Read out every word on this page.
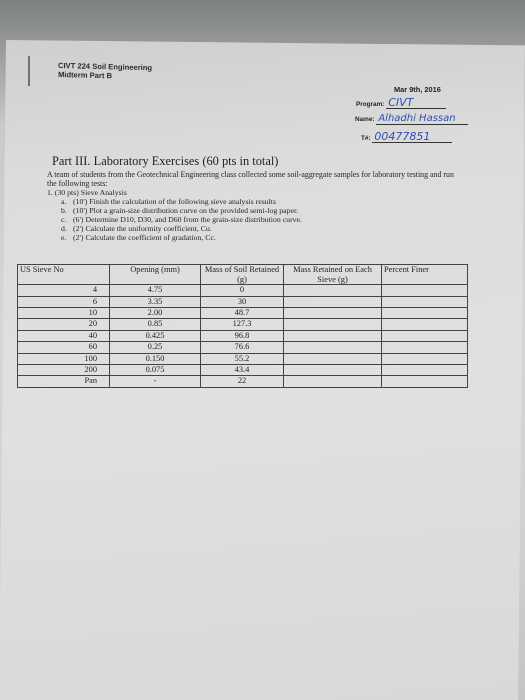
CIVT 224 Soil Engineering
Midterm Part B
Mar 9th, 2016
Program: CIVT
Name: Alhadhi Hassan
T#: 00477851
Part III. Laboratory Exercises (60 pts in total)
A team of students from the Geotechnical Engineering class collected some soil-aggregate samples for laboratory testing and run the following tests:
1. (30 pts) Sieve Analysis
a. (10') Finish the calculation of the following sieve analysis results
b. (10') Plot a grain-size distribution curve on the provided semi-log paper.
c. (6') Determine D10, D30, and D60 from the grain-size distribution curve.
d. (2') Calculate the uniformity coefficient, Cu.
e. (2') Calculate the coefficient of gradation, Cc.
US Sieve No	Opening (mm)	Mass of Soil Retained (g)	Mass Retained on Each Sieve (g)	Percent Finer
4	4.75	0		
6	3.35	30		
10	2.00	48.7		
20	0.85	127.3		
40	0.425	96.8		
60	0.25	76.6		
100	0.150	55.2		
200	0.075	43.4		
Pan	-	22		
